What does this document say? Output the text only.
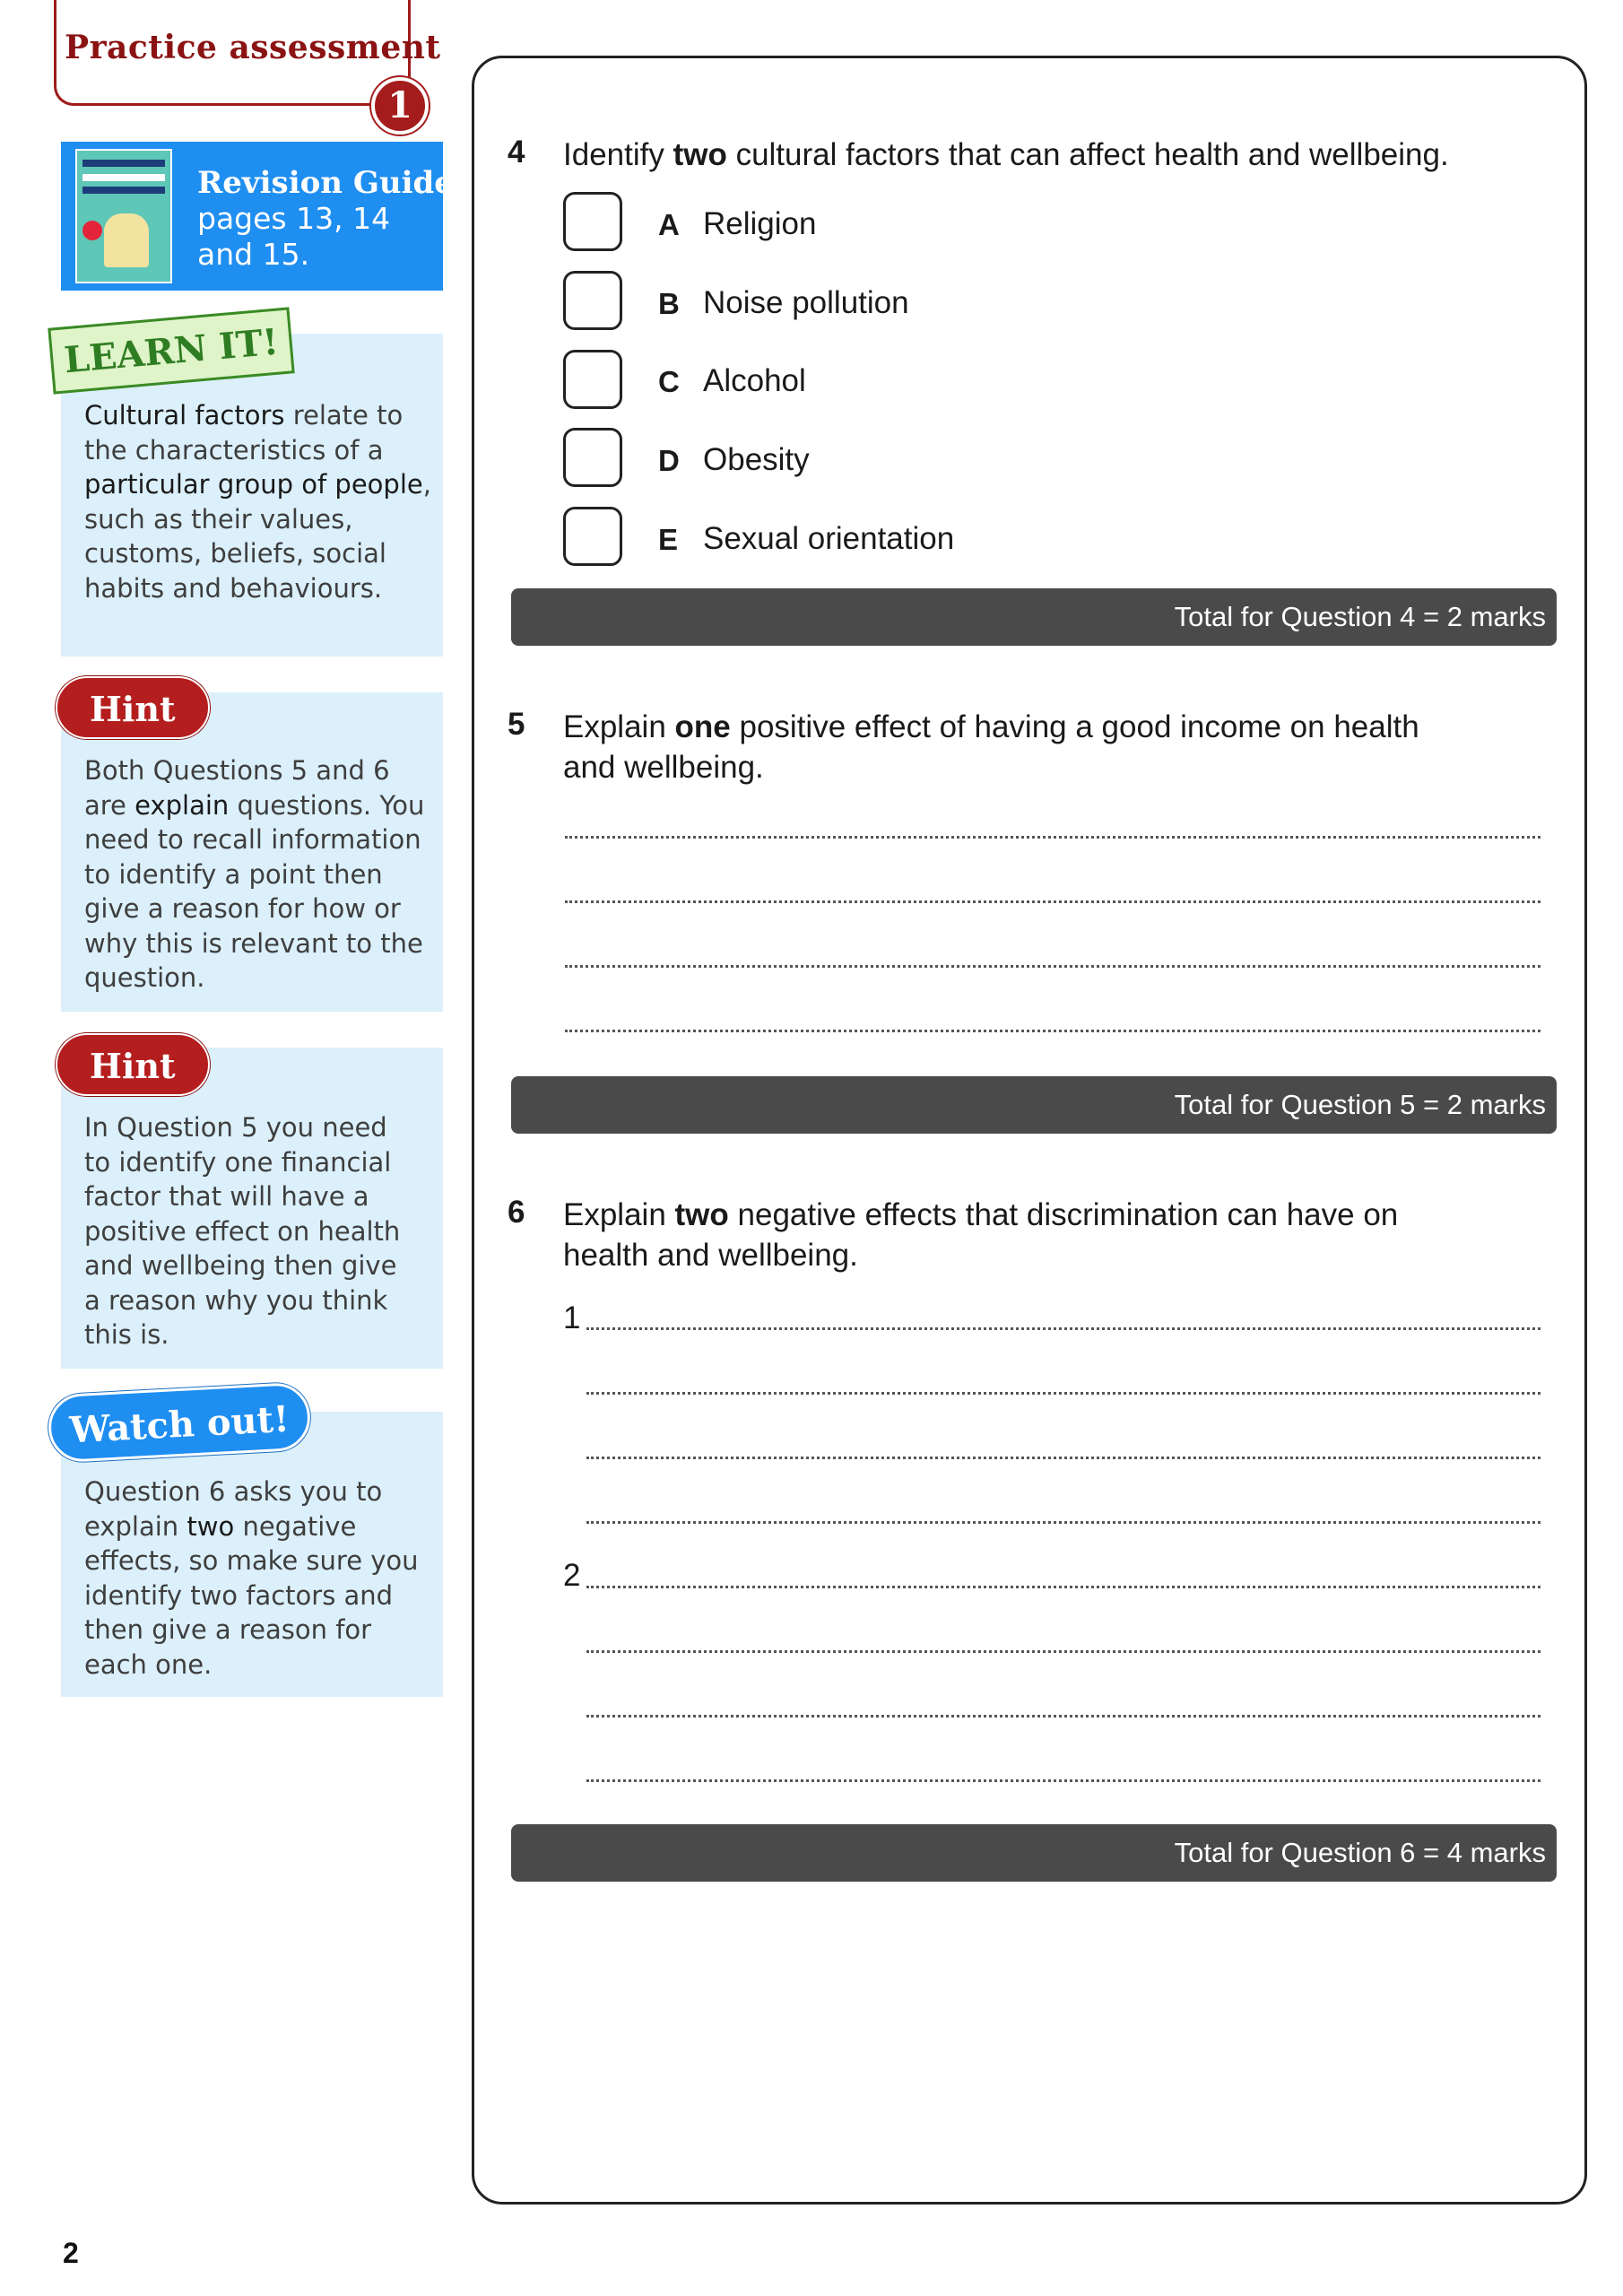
Practice assessment
1
Revision Guide
pages 13, 14 and 15.
LEARN IT!
Cultural factors relate to the characteristics of a particular group of people, such as their values, customs, beliefs, social habits and behaviours.
Hint
Both Questions 5 and 6 are explain questions. You need to recall information to identify a point then give a reason for how or why this is relevant to the question.
Hint
In Question 5 you need to identify one financial factor that will have a positive effect on health and wellbeing then give a reason why you think this is.
Watch out!
Question 6 asks you to explain two negative effects, so make sure you identify two factors and then give a reason for each one.
4 Identify two cultural factors that can affect health and wellbeing.
A Religion
B Noise pollution
C Alcohol
D Obesity
E Sexual orientation
Total for Question 4 = 2 marks
5 Explain one positive effect of having a good income on health and wellbeing.
Total for Question 5 = 2 marks
6 Explain two negative effects that discrimination can have on health and wellbeing.
1
2
Total for Question 6 = 4 marks
2
